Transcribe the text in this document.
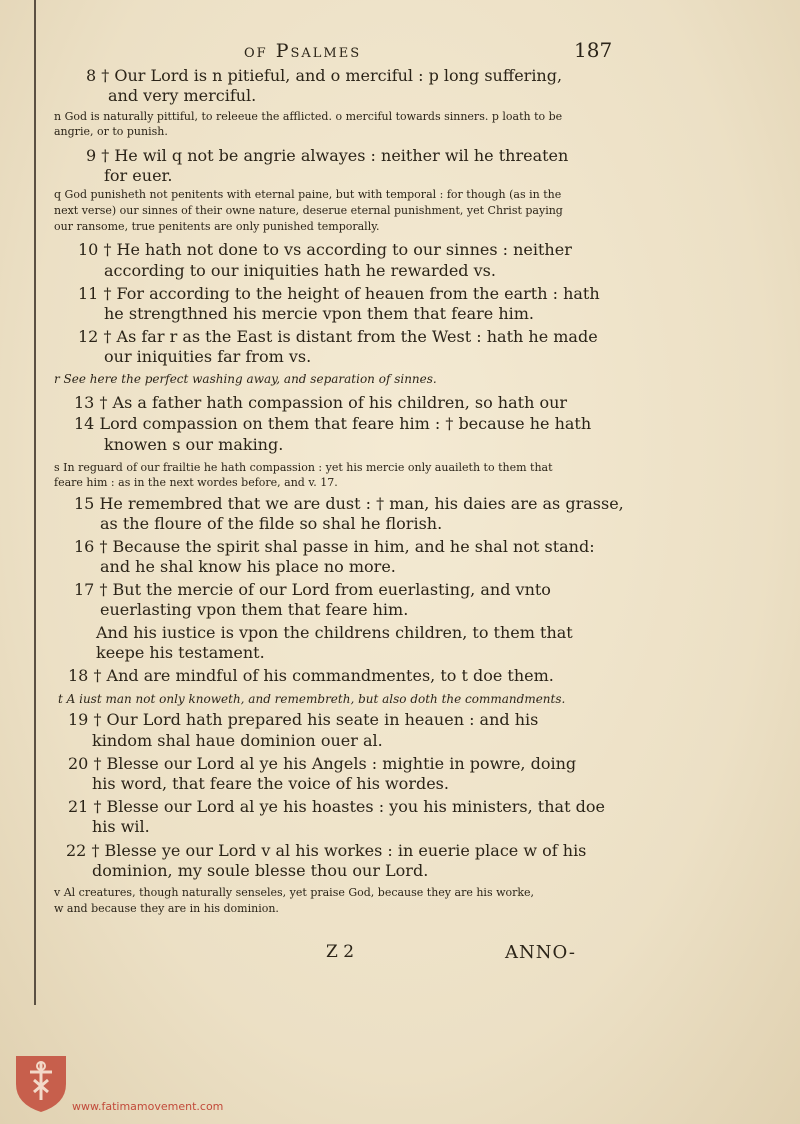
of Psalmes	187
8 † Our Lord is n pitieful, and o merciful : p long suffering,
and very merciful.
n God is naturally pittiful, to releeue the afflicted. o merciful towards sinners. p loath to be
angrie, or to punish.
9 † He wil q not be angrie alwayes : neither wil he threaten
for euer.
q God punisheth not penitents with eternal paine, but with temporal : for though (as in the
next verse) our sinnes of their owne nature, deserue eternal punishment, yet Christ paying
our ransome, true penitents are only punished temporally.
10 † He hath not done to vs according to our sinnes : neither
according to our iniquities hath he rewarded vs.
11 † For according to the height of heauen from the earth : hath
he strengthned his mercie vpon them that feare him.
12 † As far r as the East is distant from the West : hath he made
our iniquities far from vs.
r See here the perfect washing away, and separation of sinnes.
13 † As a father hath compassion of his children, so hath our
14 Lord compassion on them that feare him : † because he hath
knowen s our making.
s In reguard of our frailtie he hath compassion : yet his mercie only auaileth to them that
feare him : as in the next wordes before, and v. 17.
15 He remembred that we are dust : † man, his daies are as grasse,
as the floure of the filde so shal he florish.
16 † Because the spirit shal passe in him, and he shal not stand:
and he shal know his place no more.
17 † But the mercie of our Lord from euerlasting, and vnto
euerlasting vpon them that feare him.
And his iustice is vpon the childrens children, to them that
keepe his testament.
18 † And are mindful of his commandmentes, to t doe them.
t A iust man not only knoweth, and remembreth, but also doth the commandments.
19 † Our Lord hath prepared his seate in heauen : and his
kindom shal haue dominion ouer al.
20 † Blesse our Lord al ye his Angels : mightie in powre, doing
his word, that feare the voice of his wordes.
21 † Blesse our Lord al ye his hoastes : you his ministers, that doe
his wil.
22 † Blesse ye our Lord v al his workes : in euerie place w of his
dominion, my soule blesse thou our Lord.
v Al creatures, though naturally senseles, yet praise God, because they are his worke,
w and because they are in his dominion.
Z 2	ANNO-
www.fatimamovement.com
